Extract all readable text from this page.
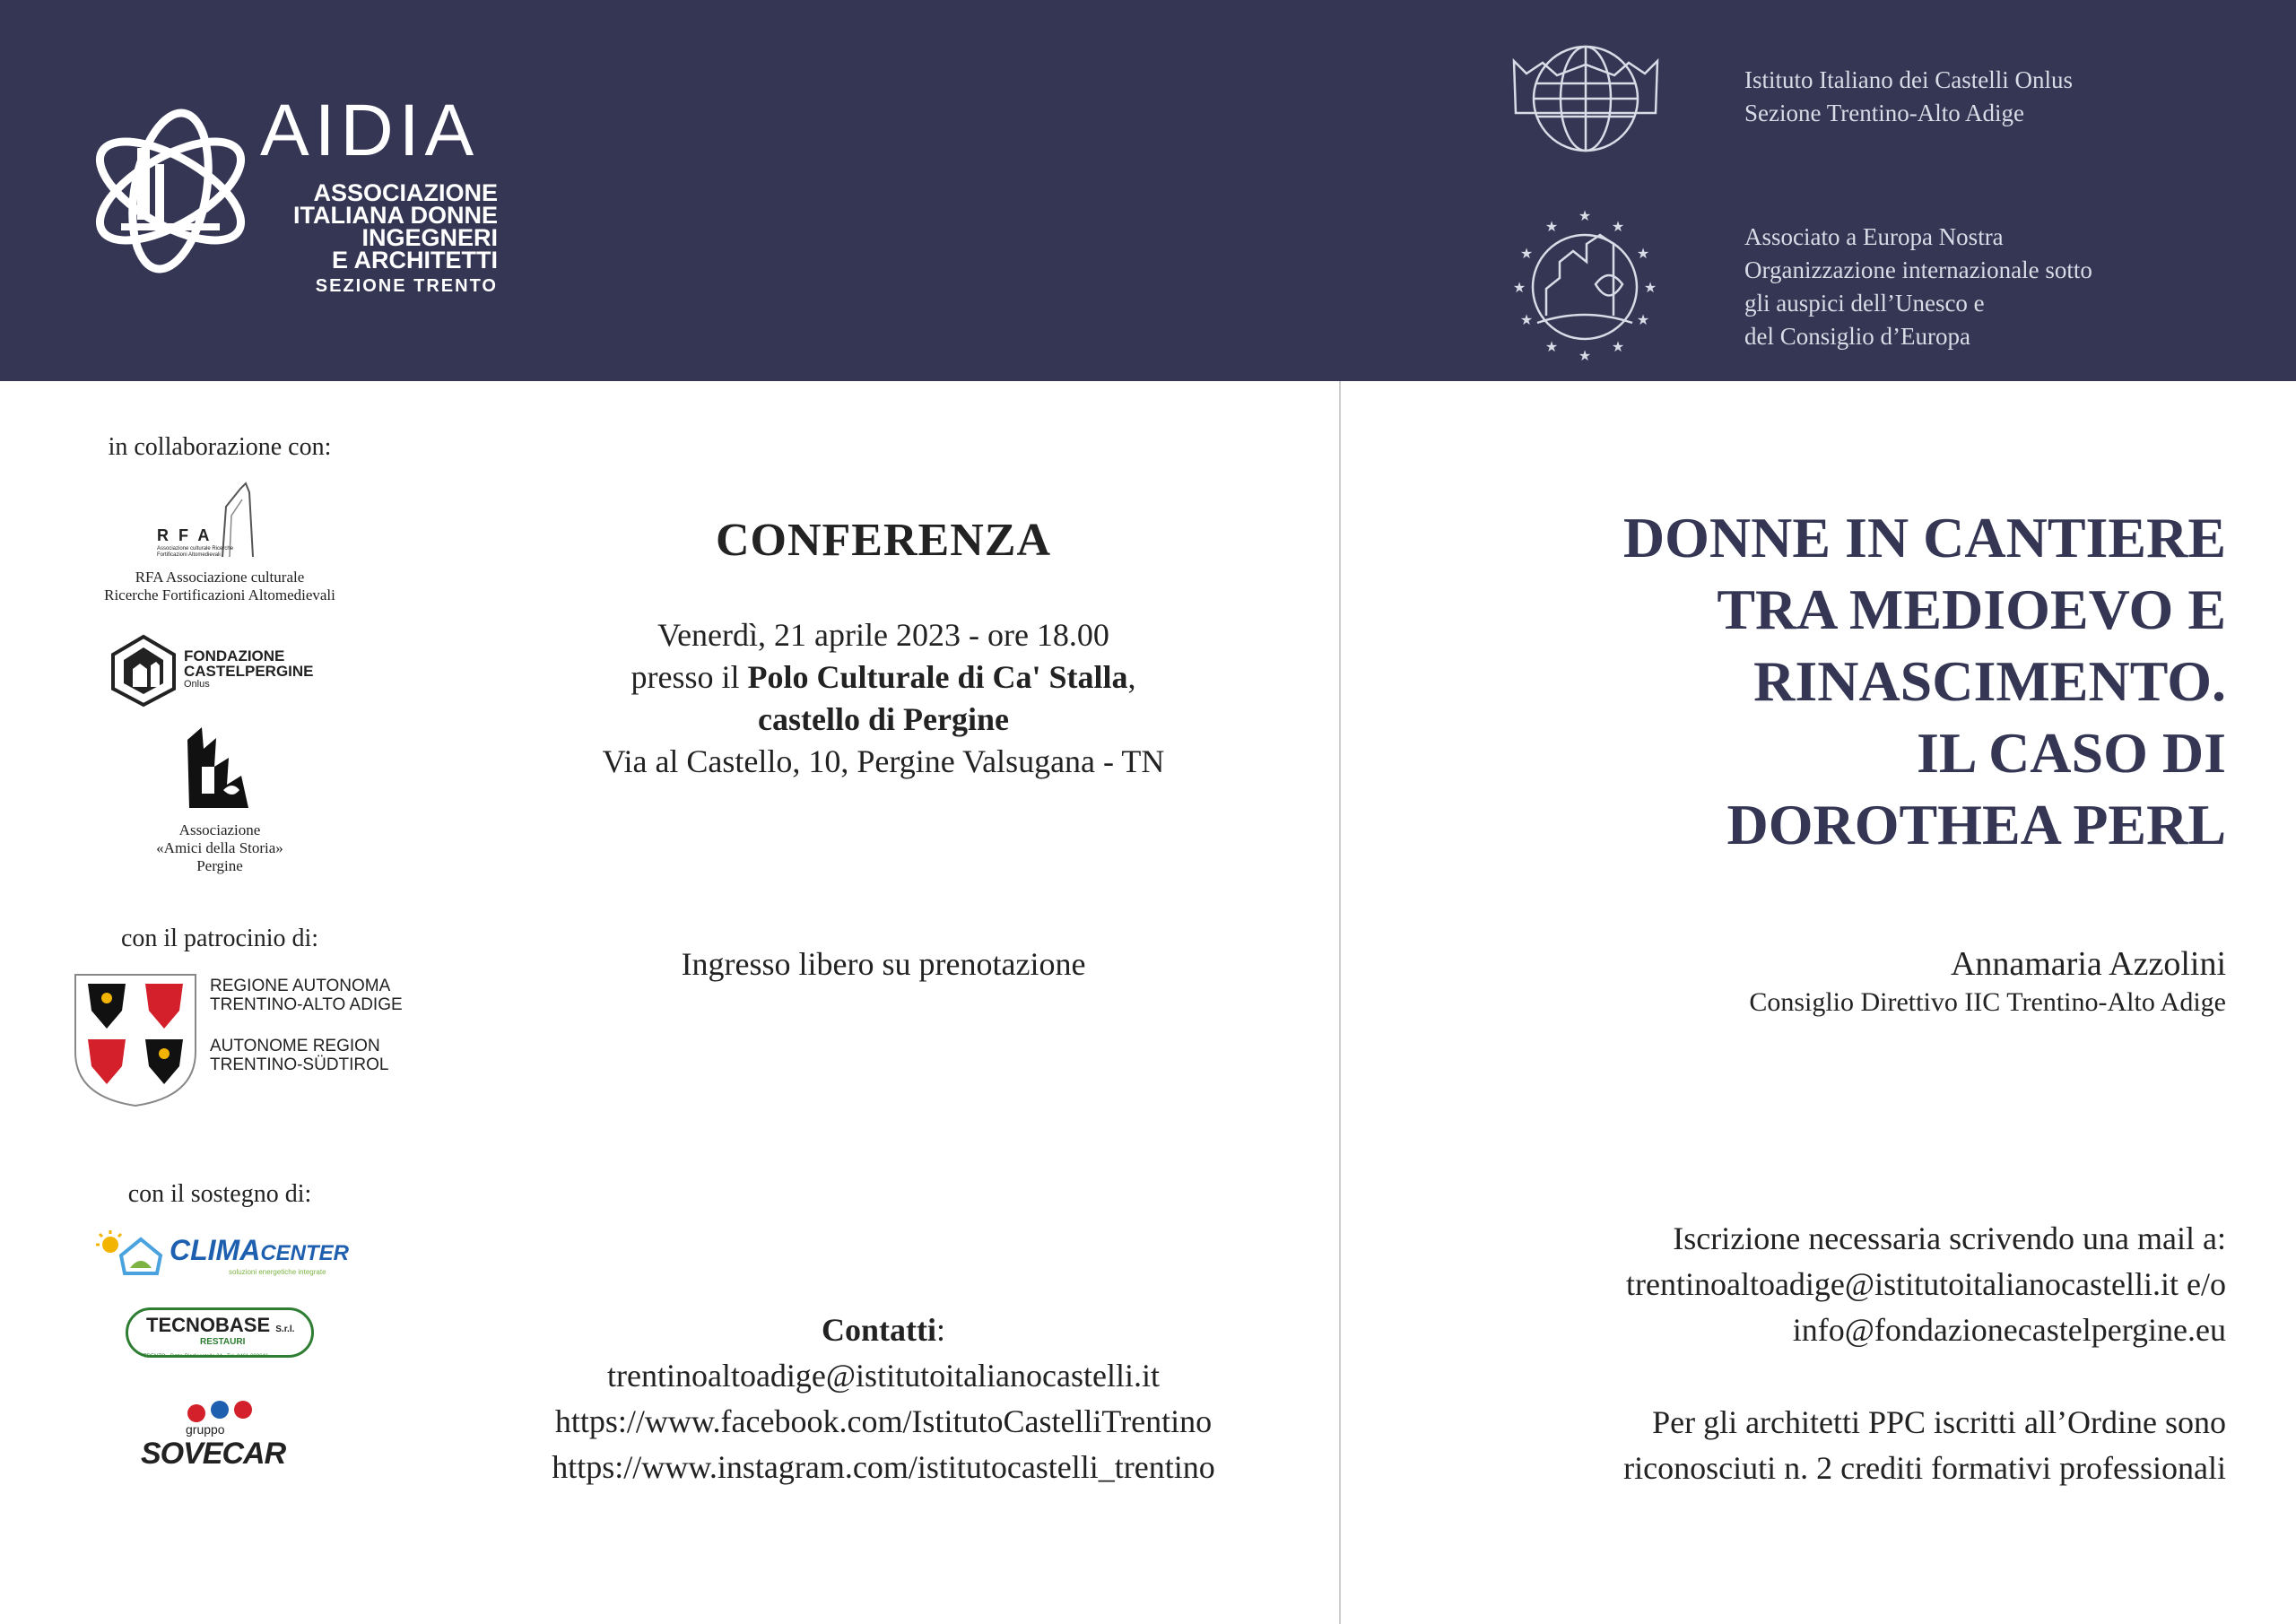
AIDIA
ASSOCIAZIONE
ITALIANA DONNE
INGEGNERI
E ARCHITETTI
SEZIONE TRENTO
Istituto Italiano dei Castelli Onlus
Sezione Trentino-Alto Adige
★
★
★
★
★
★
★
★
★
★
★
★	Associato a Europa Nostra
Organizzazione internazionale sotto
gli auspici dell’Unesco e
del Consiglio d’Europa
in collaborazione con:
R F A
Associazione culturale Ricerche Fortificazioni Altomedievali
RFA Associazione culturale
Ricerche Fortificazioni Altomedievali
FONDAZIONE
CASTELPERGINE
Onlus
Associazione
«Amici della Storia»
Pergine
con il patrocinio di:
REGIONE AUTONOMA
TRENTINO-ALTO ADIGE
AUTONOME REGION
TRENTINO-SÜDTIROL
con il sostegno di:
CLIMACENTER
soluzioni energetiche integrate
TECNOBASE S.r.l.
RESTAURI
TRENTO - P.zza Piedicastello 24 - Tel. 0461 283646
gruppo
SOVECAR
CONFERENZA
Venerdì, 21 aprile 2023 - ore 18.00
presso il Polo Culturale di Ca' Stalla,
castello di Pergine
Via al Castello, 10, Pergine Valsugana - TN
Ingresso libero su prenotazione
Contatti:
trentinoaltoadige@istitutoitalianocastelli.it
https://www.facebook.com/IstitutoCastelliTrentino
https://www.instagram.com/istitutocastelli_trentino
DONNE IN CANTIERE
TRA MEDIOEVO E
RINASCIMENTO.
IL CASO DI
DOROTHEA PERL
Annamaria Azzolini
Consiglio Direttivo IIC Trentino-Alto Adige
Iscrizione necessaria scrivendo una mail a:
trentinoaltoadige@istitutoitalianocastelli.it e/o
info@fondazionecastelpergine.eu
Per gli architetti PPC iscritti all’Ordine sono
riconosciuti n. 2 crediti formativi professionali
